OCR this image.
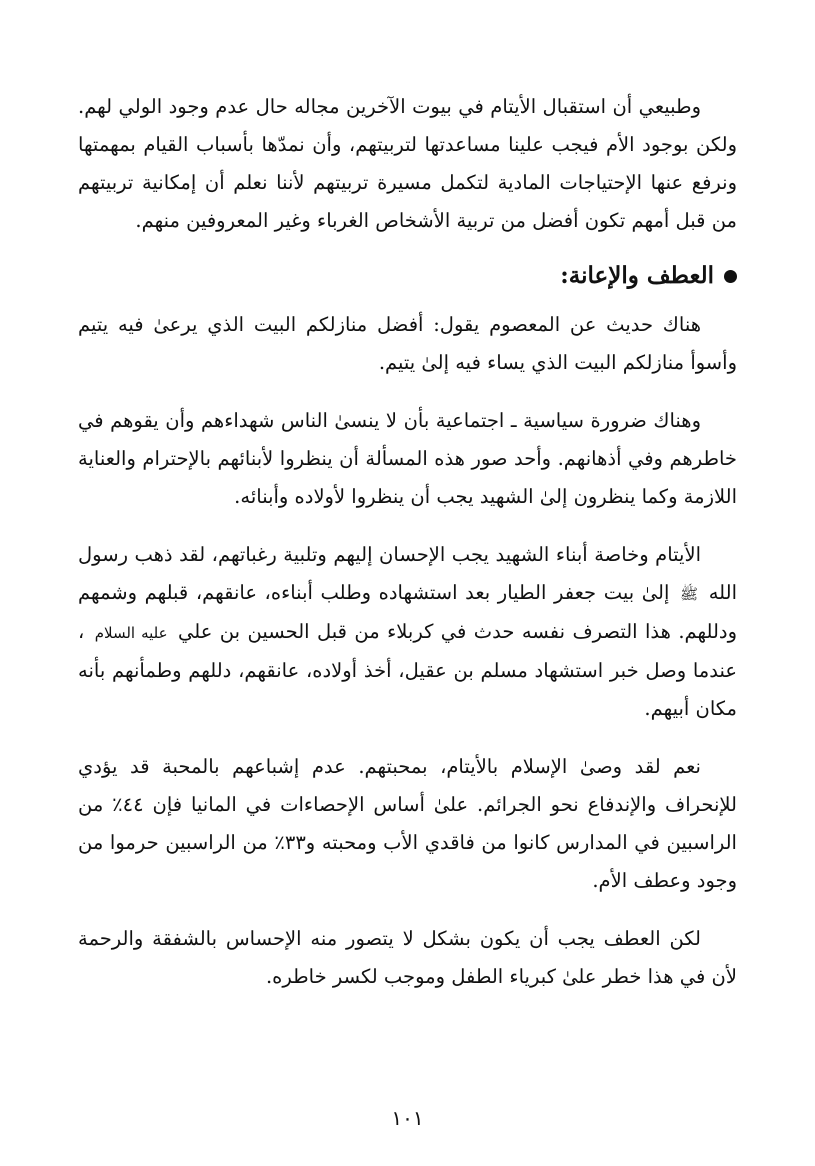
وطبيعي أن استقبال الأيتام في بيوت الآخرين مجاله حال عدم وجود الولي لهم. ولكن بوجود الأم فيجب علينا مساعدتها لتربيتهم، وأن نمدّها بأسباب القيام بمهمتها ونرفع عنها الإحتياجات المادية لتكمل مسيرة تربيتهم لأننا نعلم أن إمكانية تربيتهم من قبل أمهم تكون أفضل من تربية الأشخاص الغرباء وغير المعروفين منهم.

العطف والإعانة:

هناك حديث عن المعصوم يقول: أفضل منازلكم البيت الذي يرعىٰ فيه يتيم وأسوأ منازلكم البيت الذي يساء فيه إلىٰ يتيم.

وهناك ضرورة سياسية ـ اجتماعية بأن لا ينسىٰ الناس شهداءهم وأن يقوهم في خاطرهم وفي أذهانهم. وأحد صور هذه المسألة أن ينظروا لأبنائهم بالإحترام والعناية اللازمة وكما ينظرون إلىٰ الشهيد يجب أن ينظروا لأولاده وأبنائه.

الأيتام وخاصة أبناء الشهيد يجب الإحسان إليهم وتلبية رغباتهم، لقد ذهب رسول الله ﷺ إلىٰ بيت جعفر الطيار بعد استشهاده وطلب أبناءه، عانقهم، قبلهم وشمهم ودللهم. هذا التصرف نفسه حدث في كربلاء من قبل الحسين بن علي عليه السلام ، عندما وصل خبر استشهاد مسلم بن عقيل، أخذ أولاده، عانقهم، دللهم وطمأنهم بأنه مكان أبيهم.

نعم لقد وصىٰ الإسلام بالأيتام، بمحبتهم. عدم إشباعهم بالمحبة قد يؤدي للإنحراف والإندفاع نحو الجرائم. علىٰ أساس الإحصاءات في المانيا فإن ٤٤٪ من الراسبين في المدارس كانوا من فاقدي الأب ومحبته و٣٣٪ من الراسبين حرموا من وجود وعطف الأم.

لكن العطف يجب أن يكون بشكل لا يتصور منه الإحساس بالشفقة والرحمة لأن في هذا خطر علىٰ كبرياء الطفل وموجب لكسر خاطره.

١٠١
